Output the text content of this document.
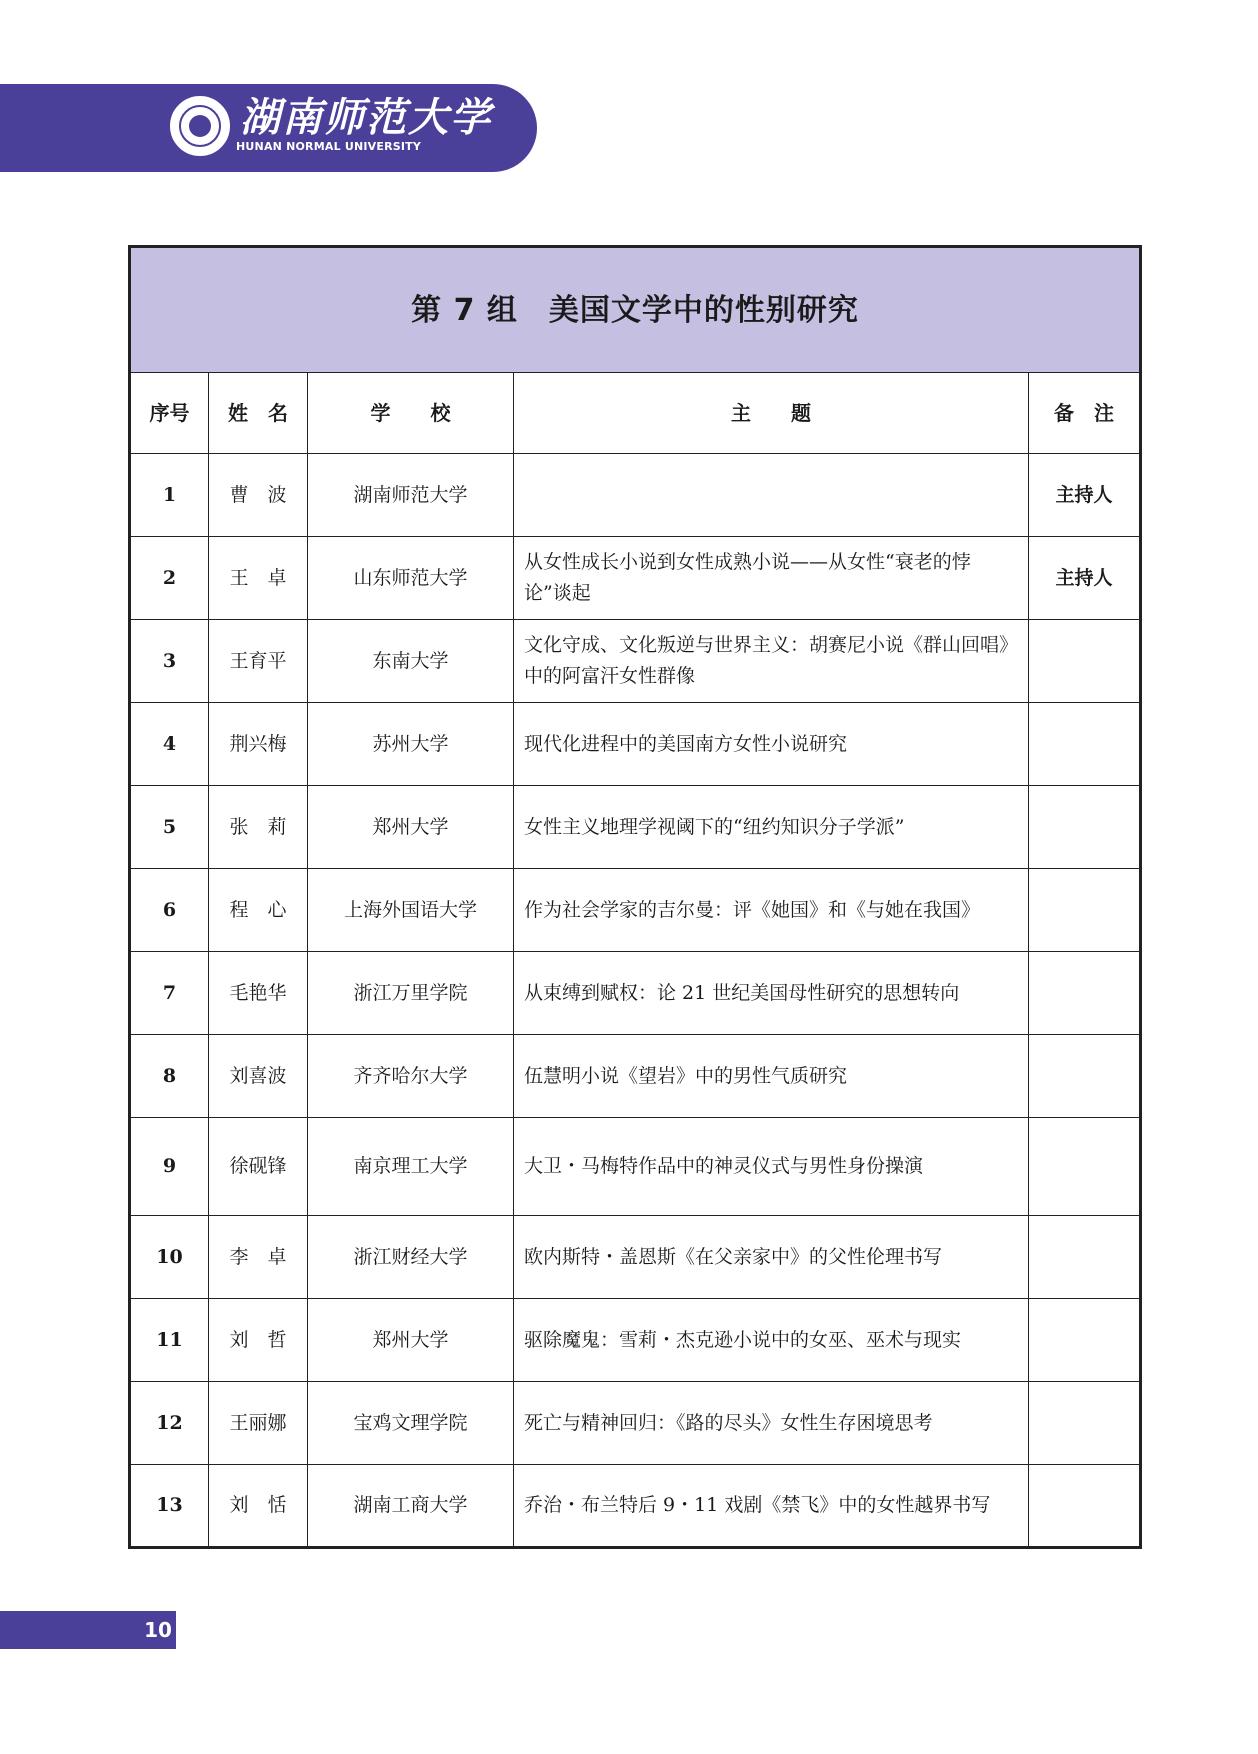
湖南师范大学
HUNAN NORMAL UNIVERSITY
第 7 组　美国文学中的性别研究				
序号	姓　名	学　　校	主　　题	备　注
1	曹　波	湖南师范大学		主持人
2	王　卓	山东师范大学	从女性成长小说到女性成熟小说——从女性“衰老的悖论”谈起	主持人
3	王育平	东南大学	文化守成、文化叛逆与世界主义：胡赛尼小说《群山回唱》中的阿富汗女性群像	
4	荆兴梅	苏州大学	现代化进程中的美国南方女性小说研究	
5	张　莉	郑州大学	女性主义地理学视阈下的“纽约知识分子学派”	
6	程　心	上海外国语大学	作为社会学家的吉尔曼：评《她国》和《与她在我国》	
7	毛艳华	浙江万里学院	从束缚到赋权：论 21 世纪美国母性研究的思想转向	
8	刘喜波	齐齐哈尔大学	伍慧明小说《望岩》中的男性气质研究	
9	徐砚锋	南京理工大学	大卫・马梅特作品中的神灵仪式与男性身份操演	
10	李　卓	浙江财经大学	欧内斯特・盖恩斯《在父亲家中》的父性伦理书写	
11	刘　哲	郑州大学	驱除魔鬼：雪莉・杰克逊小说中的女巫、巫术与现实	
12	王丽娜	宝鸡文理学院	死亡与精神回归：《路的尽头》女性生存困境思考	
13	刘　恬	湖南工商大学	乔治・布兰特后 9・11 戏剧《禁飞》中的女性越界书写	
10
